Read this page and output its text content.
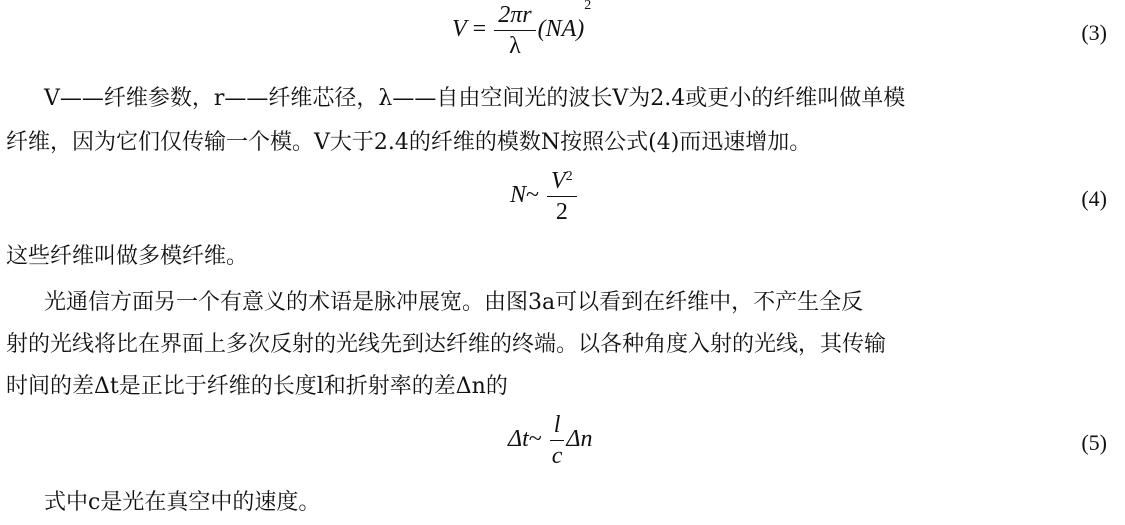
$V = \frac{2\pi r}{\lambda} (NA)^2$
(3)
V——纤维参数，r——纤维芯径，λ——自由空间光的波长V为2.4或更小的纤维叫做单模
纤维，因为它们仅传输一个模。V大于2.4的纤维的模数N按照公式(4)而迅速增加。
N~ $\frac{V^2}{2}$	(4)
这些纤维叫做多模纤维。
光通信方面另一个有意义的术语是脉冲展宽。由图3a可以看到在纤维中，不产生全反
射的光线将比在界面上多次反射的光线先到达纤维的终端。以各种角度入射的光线，其传输
时间的差Δt是正比于纤维的长度l和折射率的差Δn的
Δt~ $\frac{l}{c}$ Δn	(5)
式中c是光在真空中的速度。
